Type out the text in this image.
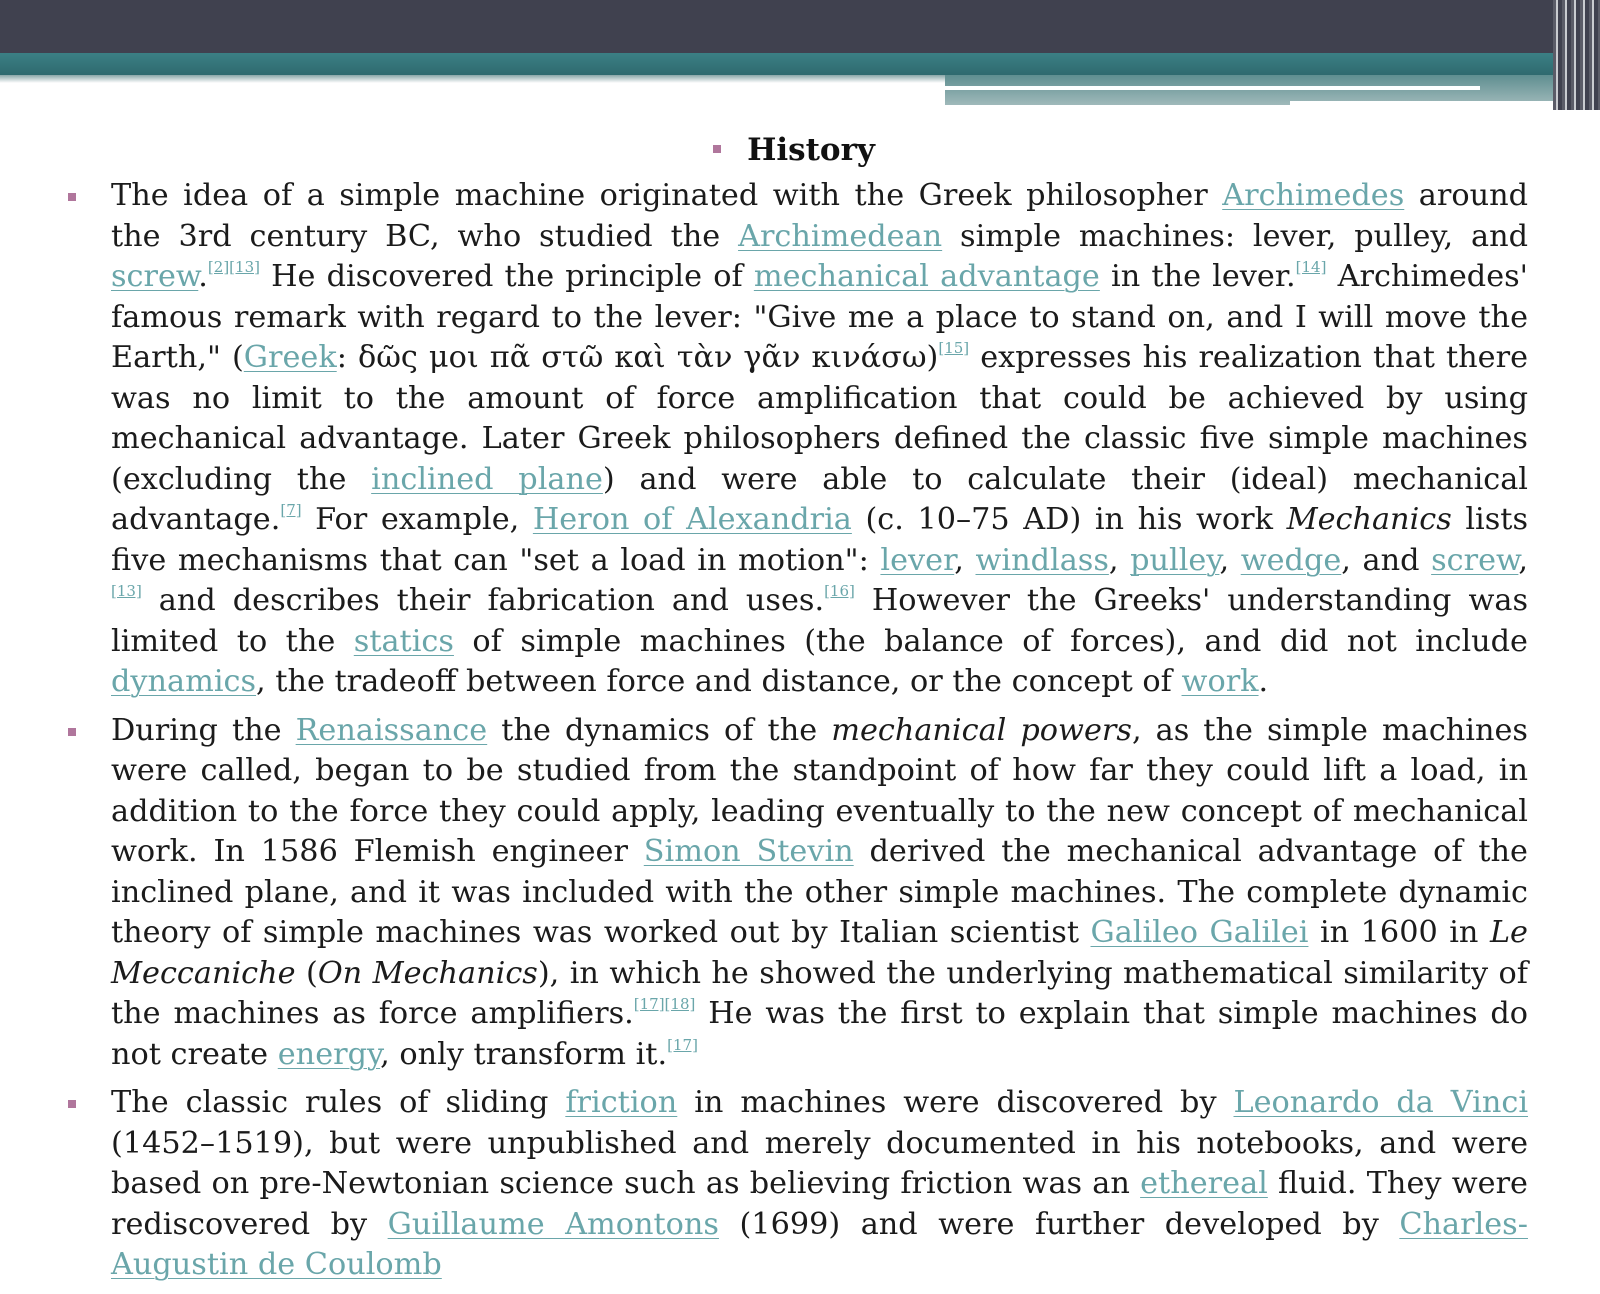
History
The idea of a simple machine originated with the Greek philosopher Archimedes around the 3rd century BC, who studied the Archimedean simple machines: lever, pulley, and screw.[2][13] He discovered the principle of mechanical advantage in the lever.[14] Archimedes' famous remark with regard to the lever: "Give me a place to stand on, and I will move the Earth," (Greek: δῶς μοι πᾶ στῶ καὶ τὰν γᾶν κινάσω)[15] expresses his realization that there was no limit to the amount of force amplification that could be achieved by using mechanical advantage. Later Greek philosophers defined the classic five simple machines (excluding the inclined plane) and were able to calculate their (ideal) mechanical advantage.[7] For example, Heron of Alexandria (c. 10–75 AD) in his work Mechanics lists five mechanisms that can "set a load in motion": lever, windlass, pulley, wedge, and screw,[13] and describes their fabrication and uses.[16] However the Greeks' understanding was limited to the statics of simple machines (the balance of forces), and did not include dynamics, the tradeoff between force and distance, or the concept of work.
During the Renaissance the dynamics of the mechanical powers, as the simple machines were called, began to be studied from the standpoint of how far they could lift a load, in addition to the force they could apply, leading eventually to the new concept of mechanical work. In 1586 Flemish engineer Simon Stevin derived the mechanical advantage of the inclined plane, and it was included with the other simple machines. The complete dynamic theory of simple machines was worked out by Italian scientist Galileo Galilei in 1600 in Le Meccaniche (On Mechanics), in which he showed the underlying mathematical similarity of the machines as force amplifiers.[17][18] He was the first to explain that simple machines do not create energy, only transform it.[17]
The classic rules of sliding friction in machines were discovered by Leonardo da Vinci (1452–1519), but were unpublished and merely documented in his notebooks, and were based on pre-Newtonian science such as believing friction was an ethereal fluid. They were rediscovered by Guillaume Amontons (1699) and were further developed by Charles-Augustin de Coulomb
